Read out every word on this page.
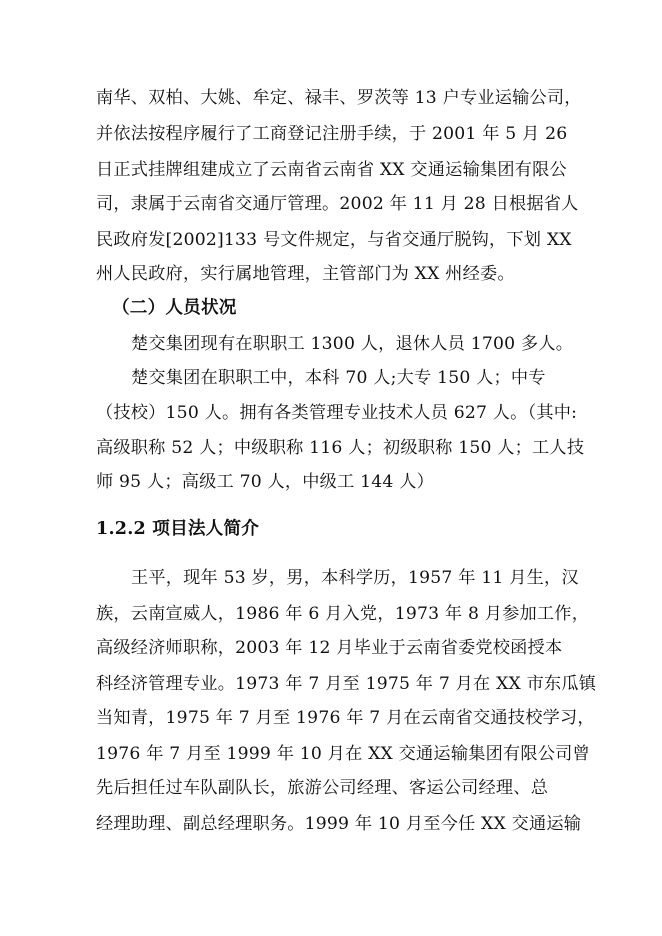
南华、双柏、大姚、牟定、禄丰、罗茨等 13 户专业运输公司，
并依法按程序履行了工商登记注册手续，于 2001 年 5 月 26
日正式挂牌组建成立了云南省云南省 XX 交通运输集团有限公
司，隶属于云南省交通厅管理。2002 年 11 月 28 日根据省人
民政府发[2002]133 号文件规定，与省交通厅脱钩，下划 XX
州人民政府，实行属地管理，主管部门为 XX 州经委。
（二）人员状况
楚交集团现有在职职工 1300 人，退休人员 1700 多人。
楚交集团在职职工中，本科 70 人;大专 150 人；中专
（技校）150 人。拥有各类管理专业技术人员 627 人。（其中:
高级职称 52 人；中级职称 116 人；初级职称 150 人；工人技
师 95 人；高级工 70 人，中级工 144 人）
1.2.2 项目法人简介
王平，现年 53 岁，男，本科学历，1957 年 11 月生，汉
族，云南宣威人，1986 年 6 月入党，1973 年 8 月参加工作，
高级经济师职称，2003 年 12 月毕业于云南省委党校函授本
科经济管理专业。1973 年 7 月至 1975 年 7 月在 XX 市东瓜镇
当知青，1975 年 7 月至 1976 年 7 月在云南省交通技校学习，
1976 年 7 月至 1999 年 10 月在 XX 交通运输集团有限公司曾
先后担任过车队副队长，旅游公司经理、客运公司经理、总
经理助理、副总经理职务。1999 年 10 月至今任 XX 交通运输
